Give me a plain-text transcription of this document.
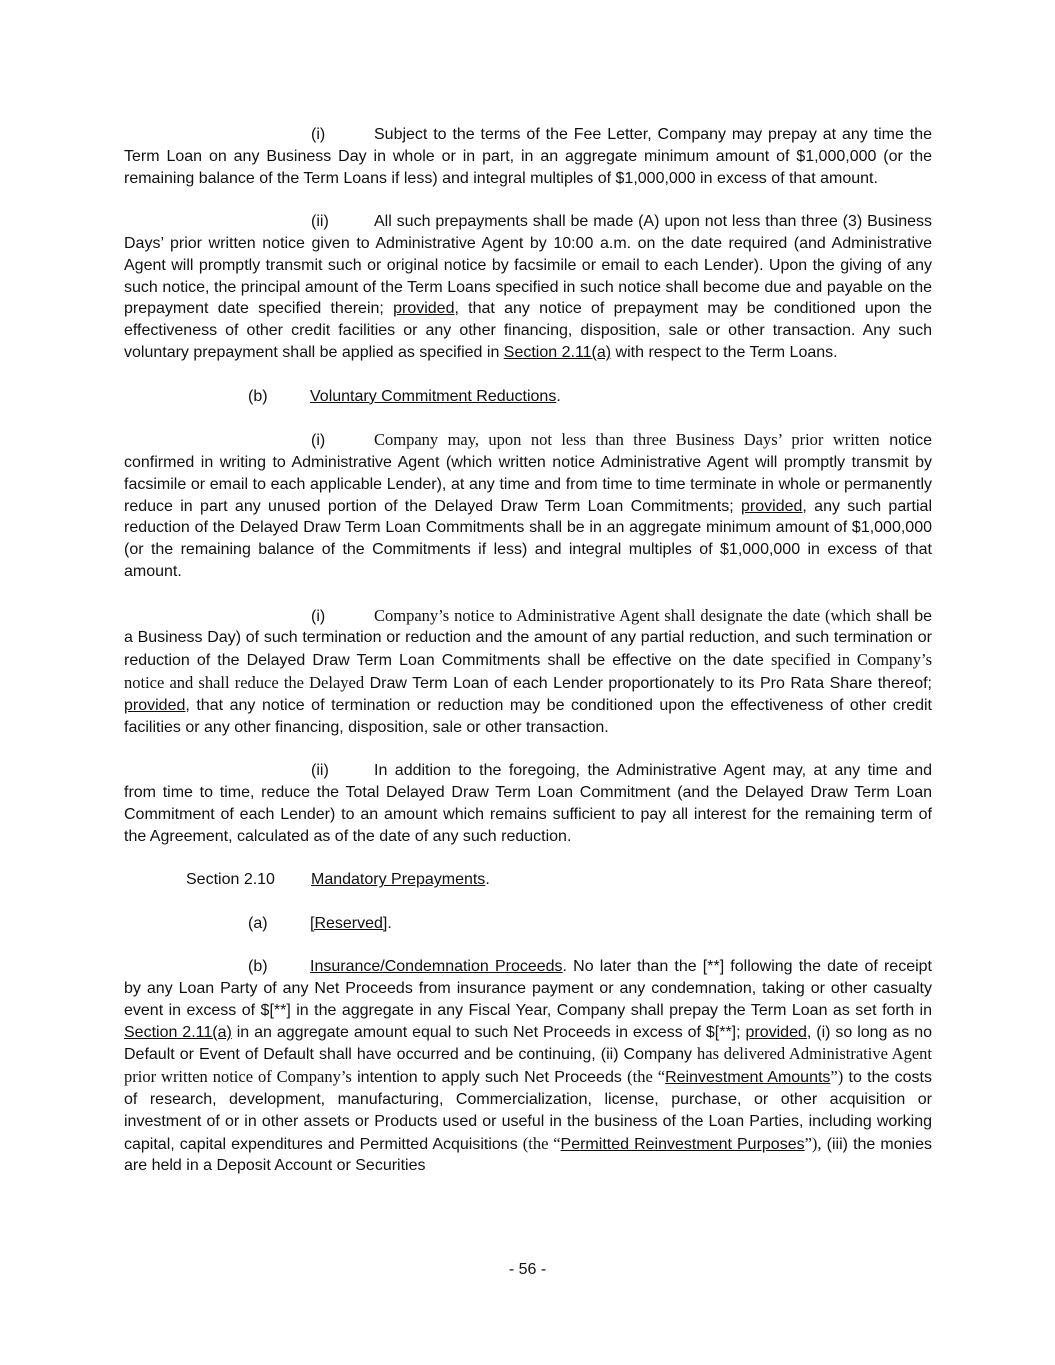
(i)	Subject to the terms of the Fee Letter, Company may prepay at any time the Term Loan on any Business Day in whole or in part, in an aggregate minimum amount of $1,000,000 (or the remaining balance of the Term Loans if less) and integral multiples of $1,000,000 in excess of that amount.

(ii)	All such prepayments shall be made (A) upon not less than three (3) Business Days’ prior written notice given to Administrative Agent by 10:00 a.m. on the date required (and Administrative Agent will promptly transmit such or original notice by facsimile or email to each Lender). Upon the giving of any such notice, the principal amount of the Term Loans specified in such notice shall become due and payable on the prepayment date specified therein; provided, that any notice of prepayment may be conditioned upon the effectiveness of other credit facilities or any other financing, disposition, sale or other transaction. Any such voluntary prepayment shall be applied as specified in Section 2.11(a) with respect to the Term Loans.

(b)	Voluntary Commitment Reductions.

(i)	Company may, upon not less than three Business Days’ prior written notice confirmed in writing to Administrative Agent (which written notice Administrative Agent will promptly transmit by facsimile or email to each applicable Lender), at any time and from time to time terminate in whole or permanently reduce in part any unused portion of the Delayed Draw Term Loan Commitments; provided, any such partial reduction of the Delayed Draw Term Loan Commitments shall be in an aggregate minimum amount of $1,000,000 (or the remaining balance of the Commitments if less) and integral multiples of $1,000,000 in excess of that amount.

(i)	Company’s notice to Administrative Agent shall designate the date (which shall be a Business Day) of such termination or reduction and the amount of any partial reduction, and such termination or reduction of the Delayed Draw Term Loan Commitments shall be effective on the date specified in Company’s notice and shall reduce the Delayed Draw Term Loan of each Lender proportionately to its Pro Rata Share thereof; provided, that any notice of termination or reduction may be conditioned upon the effectiveness of other credit facilities or any other financing, disposition, sale or other transaction.

(ii)	In addition to the foregoing, the Administrative Agent may, at any time and from time to time, reduce the Total Delayed Draw Term Loan Commitment (and the Delayed Draw Term Loan Commitment of each Lender) to an amount which remains sufficient to pay all interest for the remaining term of the Agreement, calculated as of the date of any such reduction.

Section 2.10 Mandatory Prepayments.

(a)	[Reserved].

(b)	Insurance/Condemnation Proceeds. No later than the [**] following the date of receipt by any Loan Party of any Net Proceeds from insurance payment or any condemnation, taking or other casualty event in excess of $[**] in the aggregate in any Fiscal Year, Company shall prepay the Term Loan as set forth in Section 2.11(a) in an aggregate amount equal to such Net Proceeds in excess of $[**]; provided, (i) so long as no Default or Event of Default shall have occurred and be continuing, (ii) Company has delivered Administrative Agent prior written notice of Company’s intention to apply such Net Proceeds (the “Reinvestment Amounts”) to the costs of research, development, manufacturing, Commercialization, license, purchase, or other acquisition or investment of or in other assets or Products used or useful in the business of the Loan Parties, including working capital, capital expenditures and Permitted Acquisitions (the “Permitted Reinvestment Purposes”), (iii) the monies are held in a Deposit Account or Securities

- 56 -
